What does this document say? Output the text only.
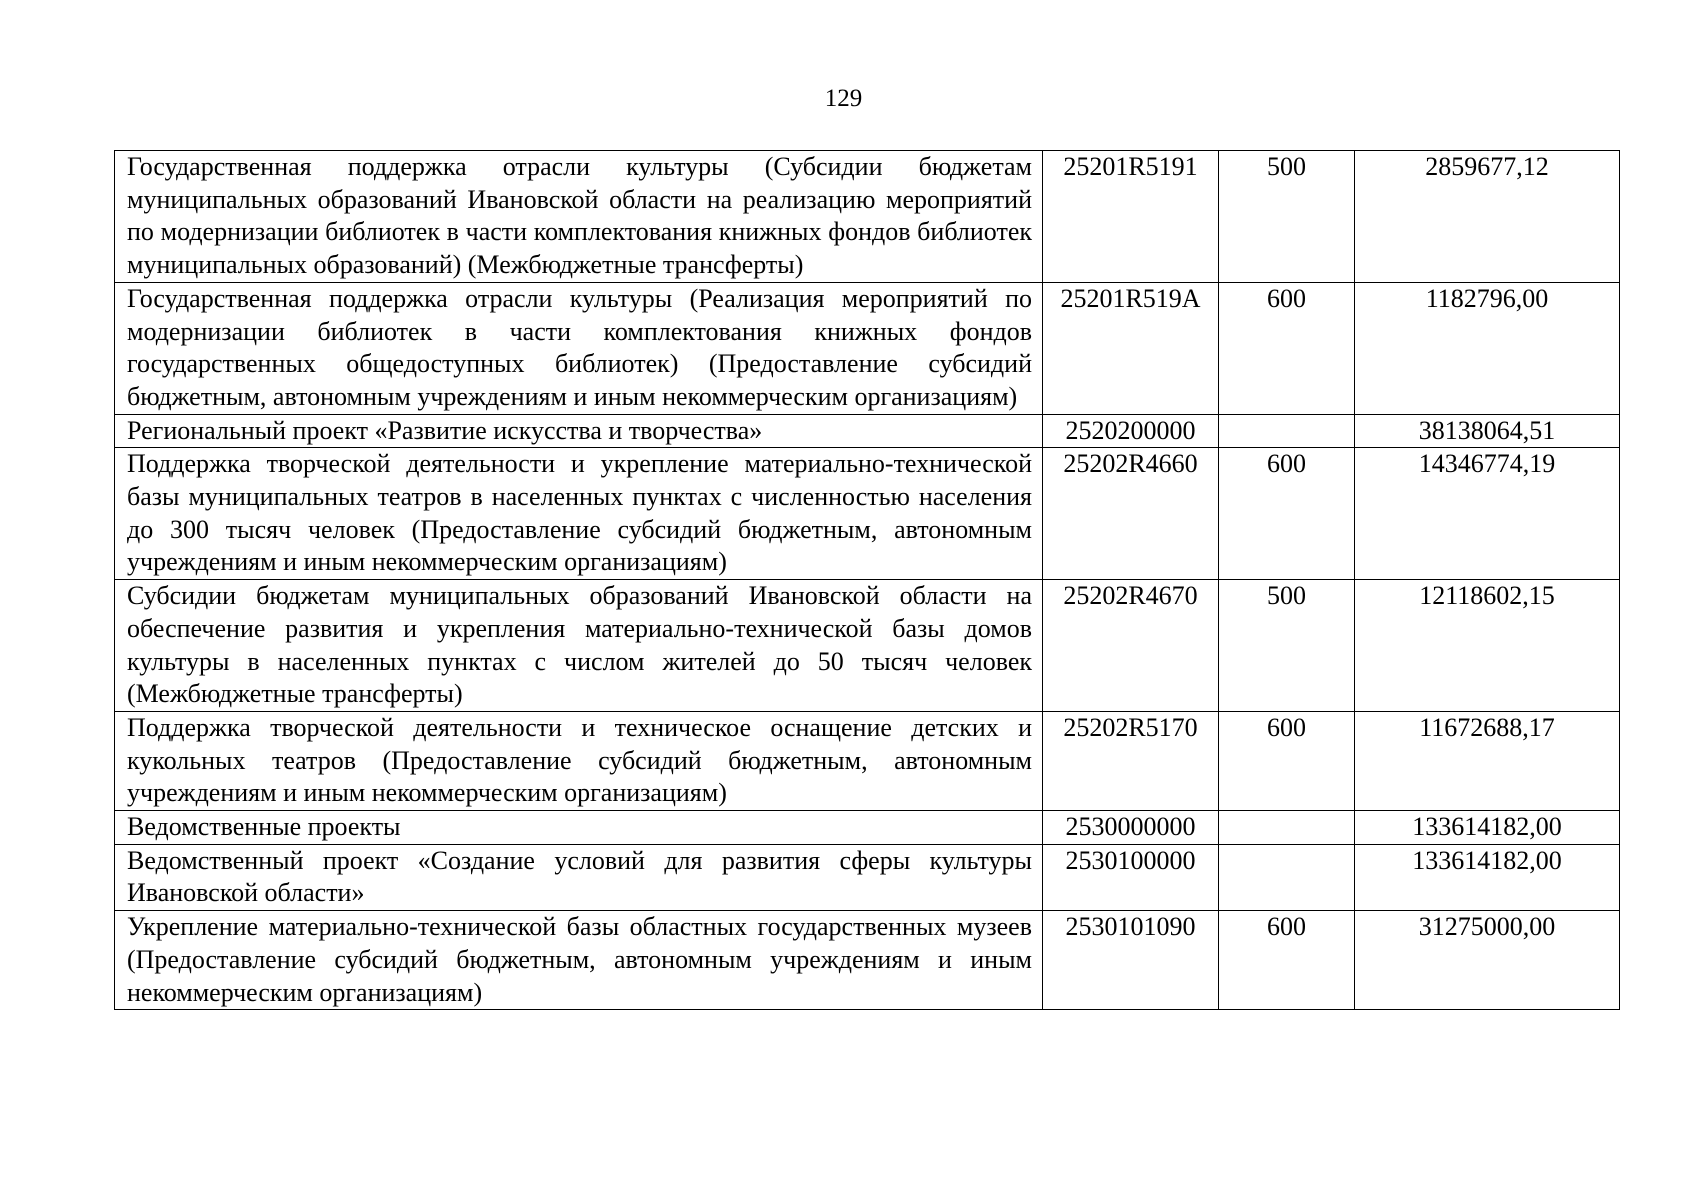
129
Государственная поддержка отрасли культуры (Субсидии бюджетам муниципальных образований Ивановской области на реализацию мероприятий по модернизации библиотек в части комплектования книжных фондов библиотек муниципальных образований) (Межбюджетные трансферты)	25201R5191	500	2859677,12
Государственная поддержка отрасли культуры (Реализация мероприятий по модернизации библиотек в части комплектования книжных фондов государственных общедоступных библиотек) (Предоставление субсидий бюджетным, автономным учреждениям и иным некоммерческим организациям)	25201R519A	600	1182796,00
Региональный проект «Развитие искусства и творчества»	2520200000		38138064,51
Поддержка творческой деятельности и укрепление материально-технической базы муниципальных театров в населенных пунктах с численностью населения до 300 тысяч человек (Предоставление субсидий бюджетным, автономным учреждениям и иным некоммерческим организациям)	25202R4660	600	14346774,19
Субсидии бюджетам муниципальных образований Ивановской области на обеспечение развития и укрепления материально-технической базы домов культуры в населенных пунктах с числом жителей до 50 тысяч человек (Межбюджетные трансферты)	25202R4670	500	12118602,15
Поддержка творческой деятельности и техническое оснащение детских и кукольных театров (Предоставление субсидий бюджетным, автономным учреждениям и иным некоммерческим организациям)	25202R5170	600	11672688,17
Ведомственные проекты	2530000000		133614182,00
Ведомственный проект «Создание условий для развития сферы культуры Ивановской области»	2530100000		133614182,00
Укрепление материально-технической базы областных государственных музеев (Предоставление субсидий бюджетным, автономным учреждениям и иным некоммерческим организациям)	2530101090	600	31275000,00
